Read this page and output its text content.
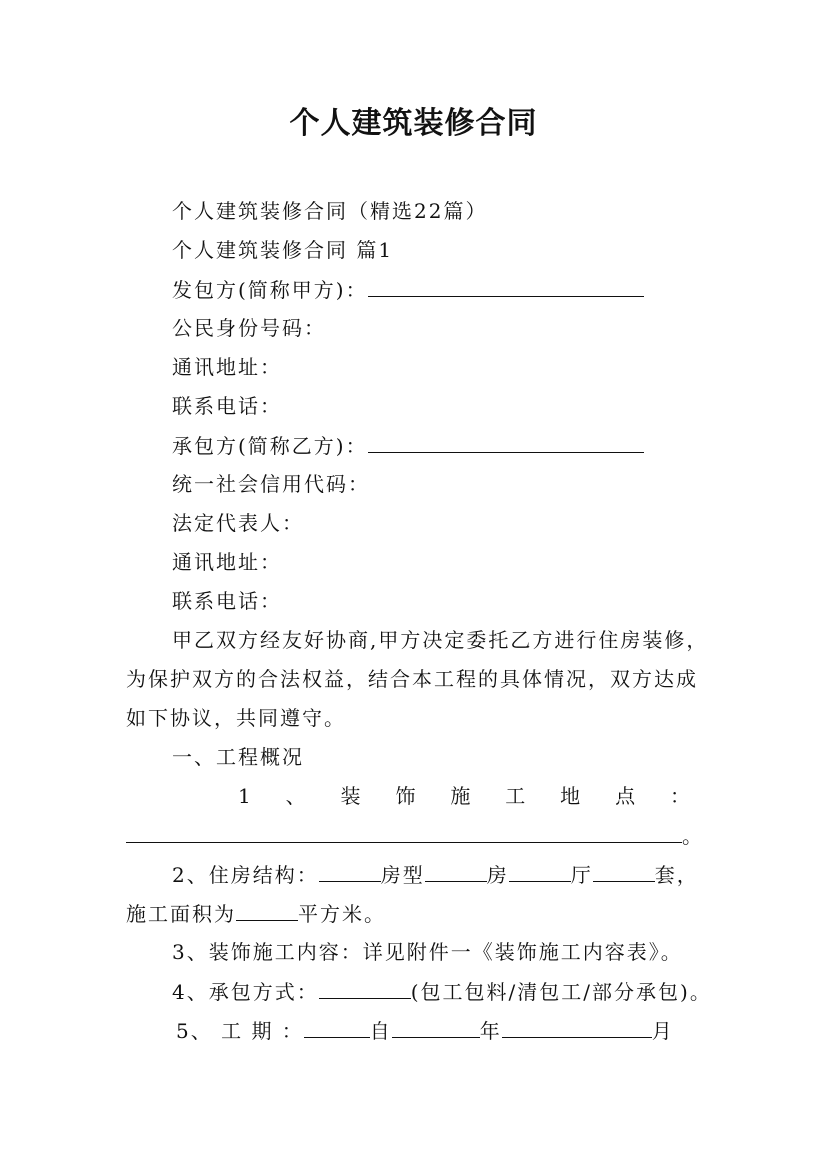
个人建筑装修合同
个人建筑装修合同（精选22篇）
个人建筑装修合同 篇1
发包方(简称甲方)：
公民身份号码：
通讯地址：
联系电话：
承包方(简称乙方)：
统一社会信用代码：
法定代表人：
通讯地址：
联系电话：
甲乙双方经友好协商,甲方决定委托乙方进行住房装修，
为保护双方的合法权益，结合本工程的具体情况，双方达成
如下协议，共同遵守。
一、工程概况
1 、 装 饰 施 工 地 点 ：
。
2、住房结构：	房型	房	厅	套，
施工面积为	平方米。
3、装饰施工内容：详见附件一《装饰施工内容表》。
4、承包方式：	(包工包料/清包工/部分承包)。
5、 工 期 ：	自	年	月
